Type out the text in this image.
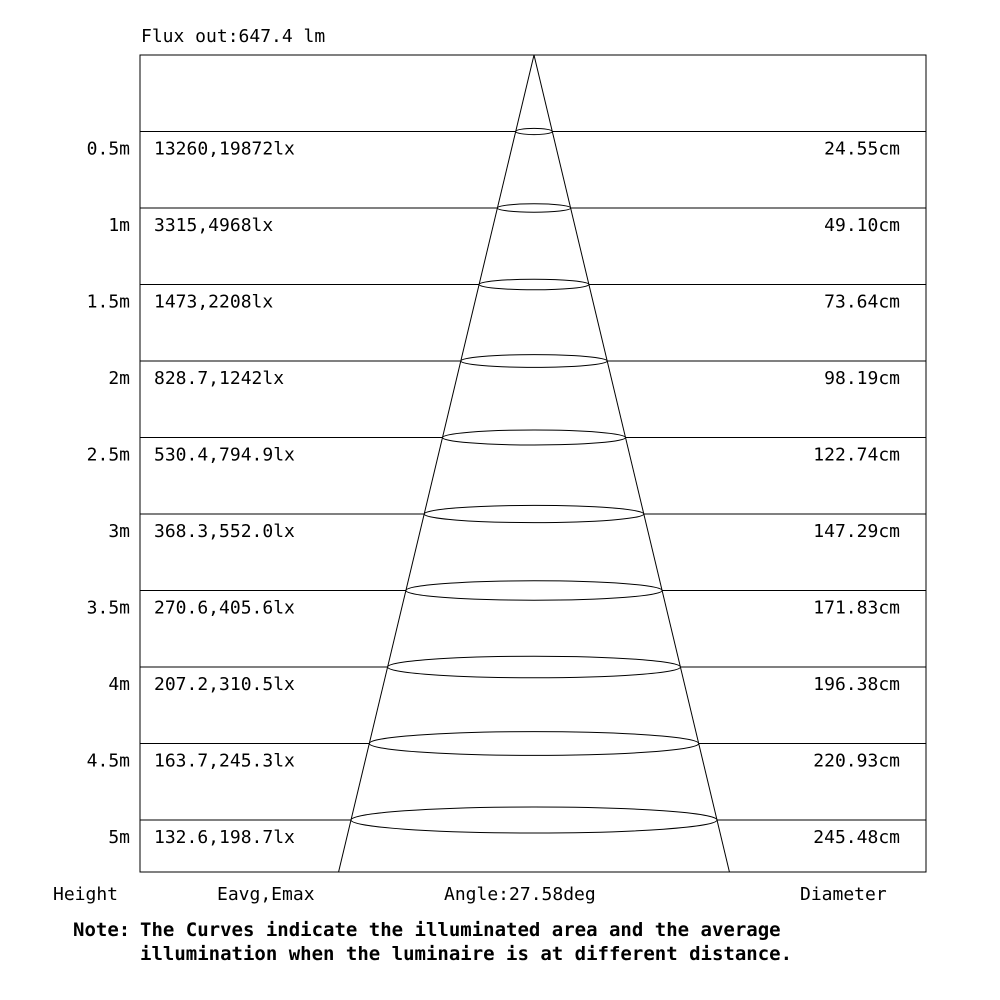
Flux out:647.4 lm
0.5m 13260,19872lx	24.55cm
1m 3315,4968lx	49.10cm
1.5m 1473,2208lx	73.64cm
2m 828.7,1242lx	98.19cm
2.5m 530.4,794.9lx	122.74cm
3m 368.3,552.0lx	147.29cm
3.5m 270.6,405.6lx	171.83cm
4m 207.2,310.5lx	196.38cm
4.5m 163.7,245.3lx	220.93cm
5m 132.6,198.7lx	245.48cm
Height	Eavg,Emax	Angle:27.58deg	Diameter
Note: The Curves indicate the illuminated area and the average
illumination when the luminaire is at different distance.
